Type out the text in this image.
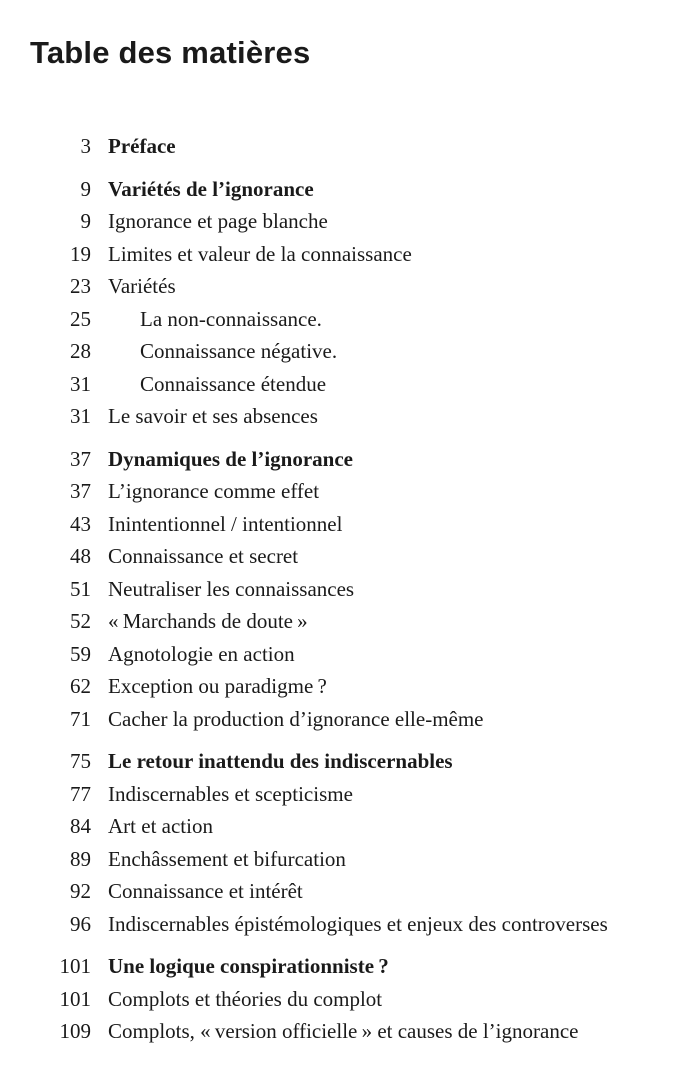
Table des matières
3 Préface
9 Variétés de l’ignorance
9 Ignorance et page blanche
19 Limites et valeur de la connaissance
23 Variétés
25 La non-connaissance.
28 Connaissance négative.
31 Connaissance étendue
31 Le savoir et ses absences
37 Dynamiques de l’ignorance
37 L’ignorance comme effet
43 Inintentionnel / intentionnel
48 Connaissance et secret
51 Neutraliser les connaissances
52 « Marchands de doute »
59 Agnotologie en action
62 Exception ou paradigme ?
71 Cacher la production d’ignorance elle-même
75 Le retour inattendu des indiscernables
77 Indiscernables et scepticisme
84 Art et action
89 Enchâssement et bifurcation
92 Connaissance et intérêt
96 Indiscernables épistémologiques et enjeux des controverses
101 Une logique conspirationniste ?
101 Complots et théories du complot
109 Complots, « version officielle » et causes de l’ignorance
